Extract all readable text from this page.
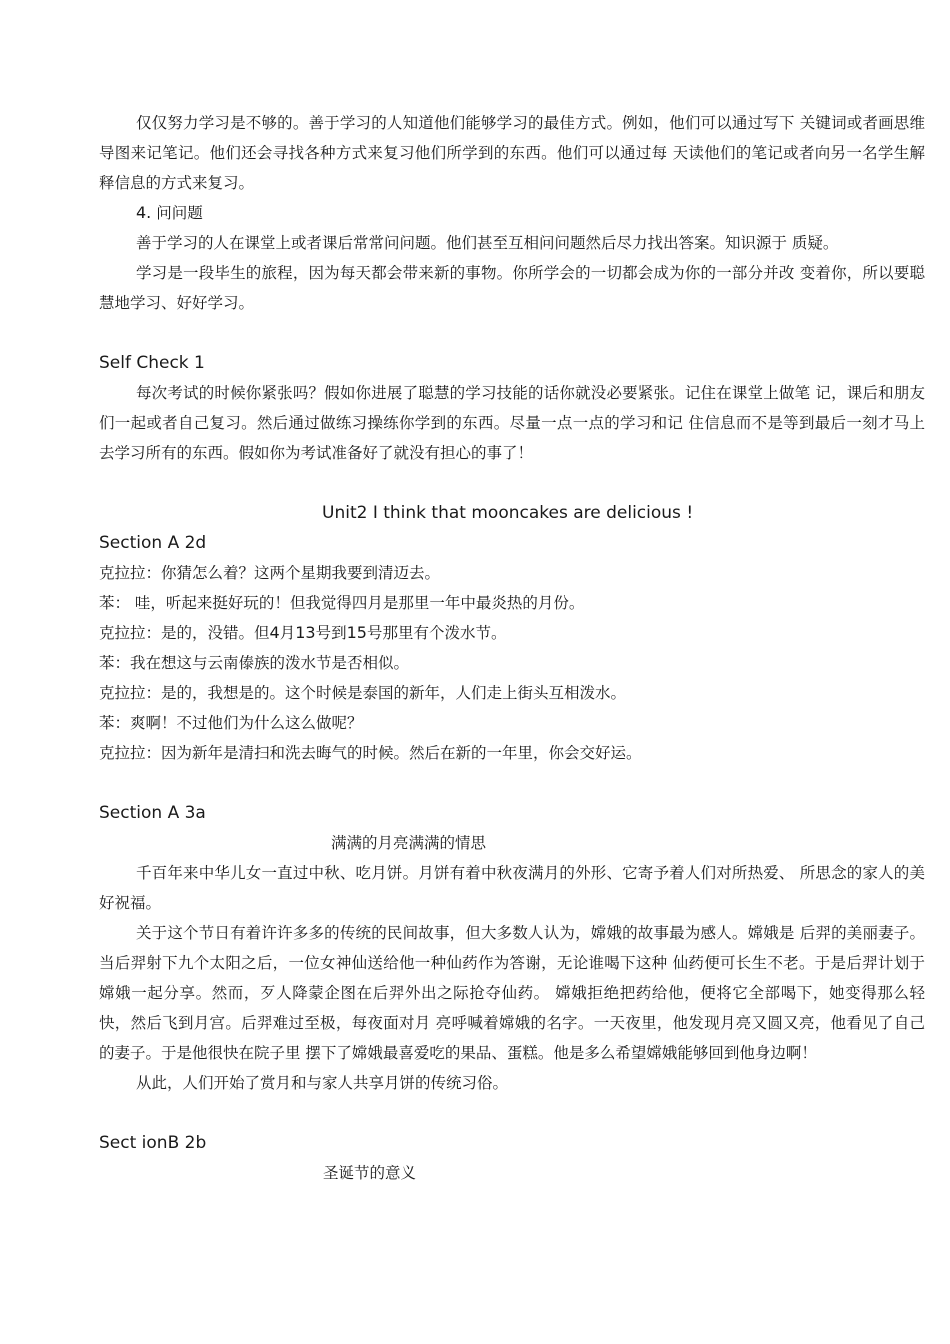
仅仅努力学习是不够的。善于学习的人知道他们能够学习的最佳方式。例如，他们可以通过写下 关键词或者画思维导图来记笔记。他们还会寻找各种方式来复习他们所学到的东西。他们可以通过每 天读他们的笔记或者向另一名学生解释信息的方式来复习。

4. 问问题

善于学习的人在课堂上或者课后常常问问题。他们甚至互相问问题然后尽力找出答案。知识源于 质疑。

学习是一段毕生的旅程，因为每天都会带来新的事物。你所学会的一切都会成为你的一部分并改 变着你，所以要聪慧地学习、好好学习。

Self Check 1

每次考试的时候你紧张吗？假如你进展了聪慧的学习技能的话你就没必要紧张。记住在课堂上做笔 记，课后和朋友们一起或者自己复习。然后通过做练习操练你学到的东西。尽量一点一点的学习和记 住信息而不是等到最后一刻才马上去学习所有的东西。假如你为考试准备好了就没有担心的事了！

Unit2 I think that mooncakes are delicious !

Section A 2d

克拉拉：你猜怎么着？这两个星期我要到清迈去。

苯： 哇，听起来挺好玩的！但我觉得四月是那里一年中最炎热的月份。

克拉拉：是的，没错。但4月13号到15号那里有个泼水节。

苯：我在想这与云南傣族的泼水节是否相似。

克拉拉：是的，我想是的。这个时候是泰国的新年，人们走上街头互相泼水。

苯：爽啊！不过他们为什么这么做呢？

克拉拉：因为新年是清扫和洗去晦气的时候。然后在新的一年里，你会交好运。

Section A 3a

满满的月亮满满的情思

千百年来中华儿女一直过中秋、吃月饼。月饼有着中秋夜满月的外形、它寄予着人们对所热爱、 所思念的家人的美好祝福。

关于这个节日有着许许多多的传统的民间故事，但大多数人认为，嫦娥的故事最为感人。嫦娥是 后羿的美丽妻子。当后羿射下九个太阳之后，一位女神仙送给他一种仙药作为答谢，无论谁喝下这种 仙药便可长生不老。于是后羿计划于嫦娥一起分享。然而，歹人降蒙企图在后羿外出之际抢夺仙药。 嫦娥拒绝把药给他，便将它全部喝下，她变得那么轻快，然后飞到月宫。后羿难过至极，每夜面对月 亮呼喊着嫦娥的名字。一天夜里，他发现月亮又圆又亮，他看见了自己的妻子。于是他很快在院子里 摆下了嫦娥最喜爱吃的果品、蛋糕。他是多么希望嫦娥能够回到他身边啊！

从此，人们开始了赏月和与家人共享月饼的传统习俗。

Sect ionB 2b

圣诞节的意义
